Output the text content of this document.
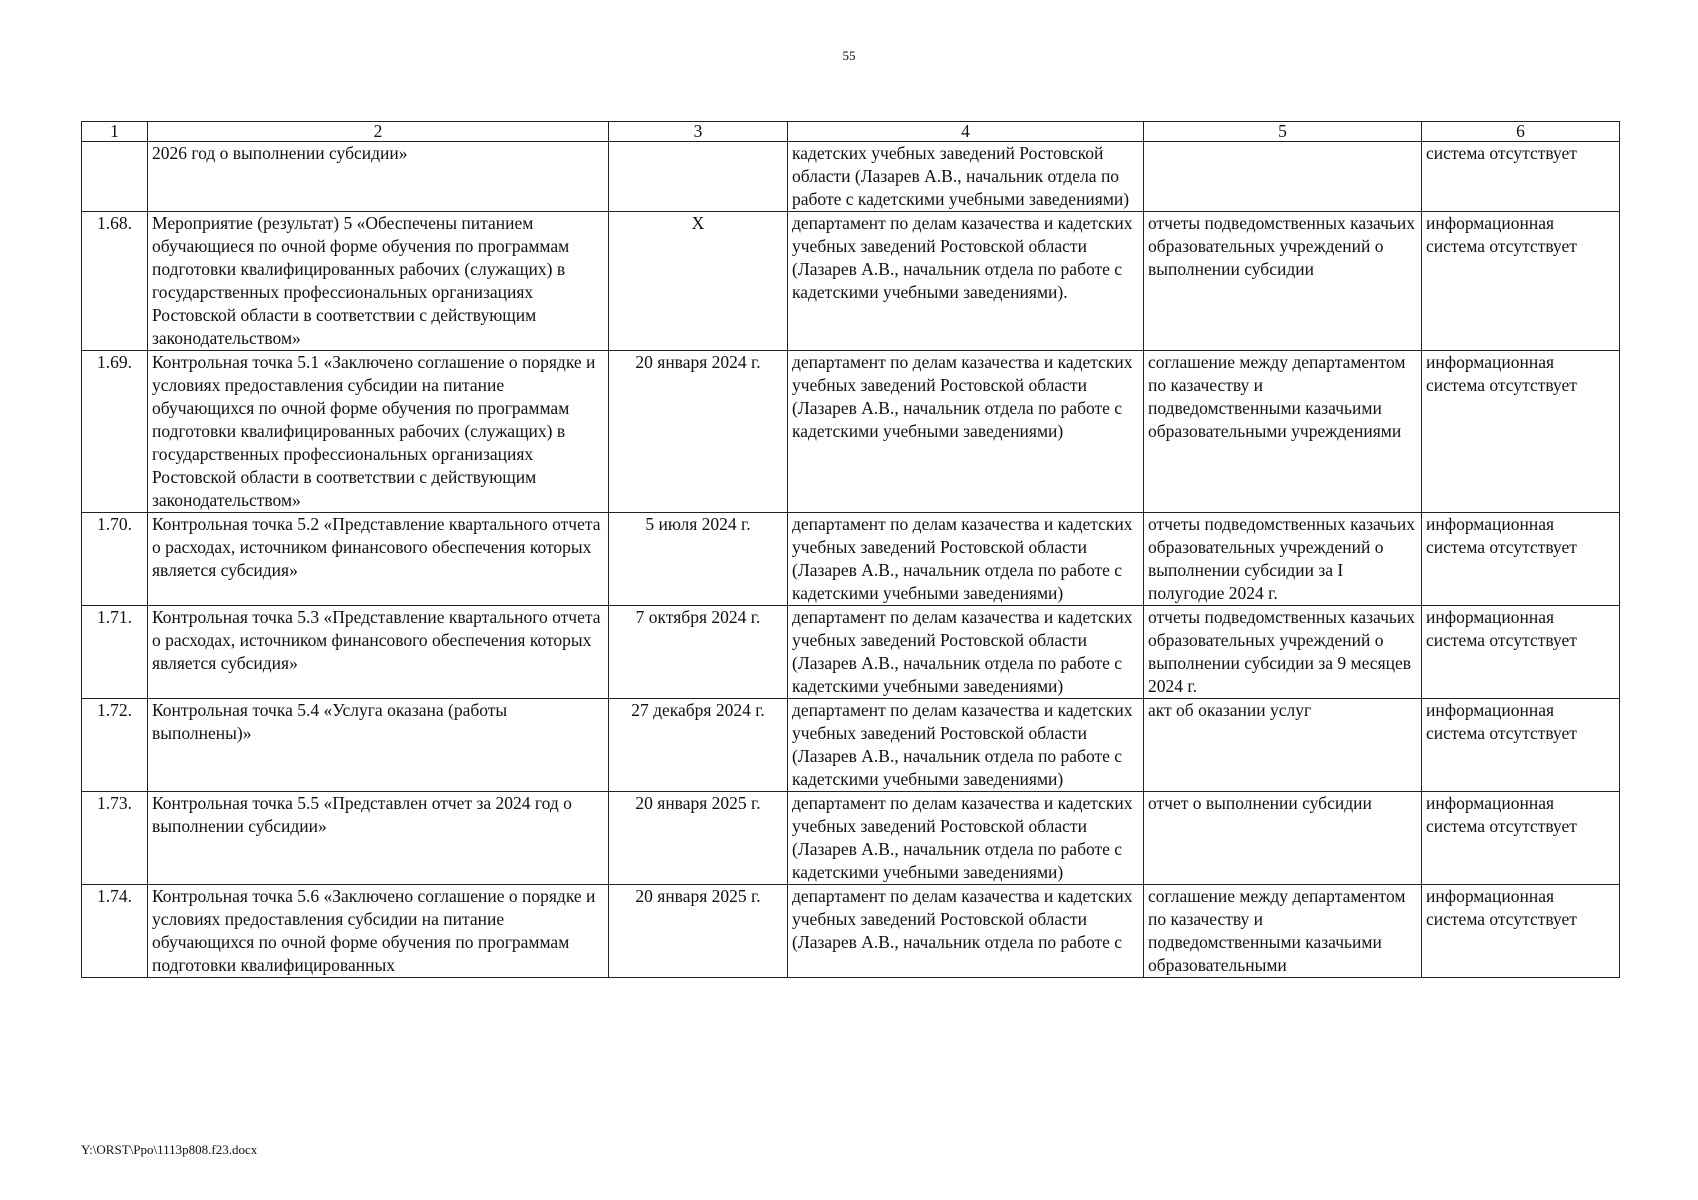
55
1	2	3	4	5	6
	2026 год о выполнении субсидии»		кадетских учебных заведений Ростовской области (Лазарев А.В., начальник отдела по работе с кадетскими учебными заведениями)		система отсутствует
1.68.	Мероприятие (результат) 5 «Обеспечены питанием обучающиеся по очной форме обучения по программам подготовки квалифицированных рабочих (служащих) в государственных профессиональных организациях Ростовской области в соответствии с действующим законодательством»	Х	департамент по делам казачества и кадетских учебных заведений Ростовской области (Лазарев А.В., начальник отдела по работе с кадетскими учебными заведениями).	отчеты подведомственных казачьих образовательных учреждений о выполнении субсидии	информационная система отсутствует
1.69.	Контрольная точка 5.1 «Заключено соглашение о порядке и условиях предоставления субсидии на питание обучающихся по очной форме обучения по программам подготовки квалифицированных рабочих (служащих) в государственных профессиональных организациях Ростовской области в соответствии с действующим законодательством»	20 января 2024 г.	департамент по делам казачества и кадетских учебных заведений Ростовской области (Лазарев А.В., начальник отдела по работе с кадетскими учебными заведениями)	соглашение между департаментом по казачеству и подведомственными казачьими образовательными учреждениями	информационная система отсутствует
1.70.	Контрольная точка 5.2 «Представление квартального отчета о расходах, источником финансового обеспечения которых является субсидия»	5 июля 2024 г.	департамент по делам казачества и кадетских учебных заведений Ростовской области (Лазарев А.В., начальник отдела по работе с кадетскими учебными заведениями)	отчеты подведомственных казачьих образовательных учреждений о выполнении субсидии за I полугодие 2024 г.	информационная система отсутствует
1.71.	Контрольная точка 5.3 «Представление квартального отчета о расходах, источником финансового обеспечения которых является субсидия»	7 октября 2024 г.	департамент по делам казачества и кадетских учебных заведений Ростовской области (Лазарев А.В., начальник отдела по работе с кадетскими учебными заведениями)	отчеты подведомственных казачьих образовательных учреждений о выполнении субсидии за 9 месяцев 2024 г.	информационная система отсутствует
1.72.	Контрольная точка 5.4 «Услуга оказана (работы выполнены)»	27 декабря 2024 г.	департамент по делам казачества и кадетских учебных заведений Ростовской области (Лазарев А.В., начальник отдела по работе с кадетскими учебными заведениями)	акт об оказании услуг	информационная система отсутствует
1.73.	Контрольная точка 5.5 «Представлен отчет за 2024 год о выполнении субсидии»	20 января 2025 г.	департамент по делам казачества и кадетских учебных заведений Ростовской области (Лазарев А.В., начальник отдела по работе с кадетскими учебными заведениями)	отчет о выполнении субсидии	информационная система отсутствует
1.74.	Контрольная точка 5.6 «Заключено соглашение о порядке и условиях предоставления субсидии на питание обучающихся по очной форме обучения по программам подготовки квалифицированных	20 января 2025 г.	департамент по делам казачества и кадетских учебных заведений Ростовской области (Лазарев А.В., начальник отдела по работе с	соглашение между департаментом по казачеству и подведомственными казачьими образовательными	информационная система отсутствует
Y:\ORST\Ppo\1113p808.f23.docx
